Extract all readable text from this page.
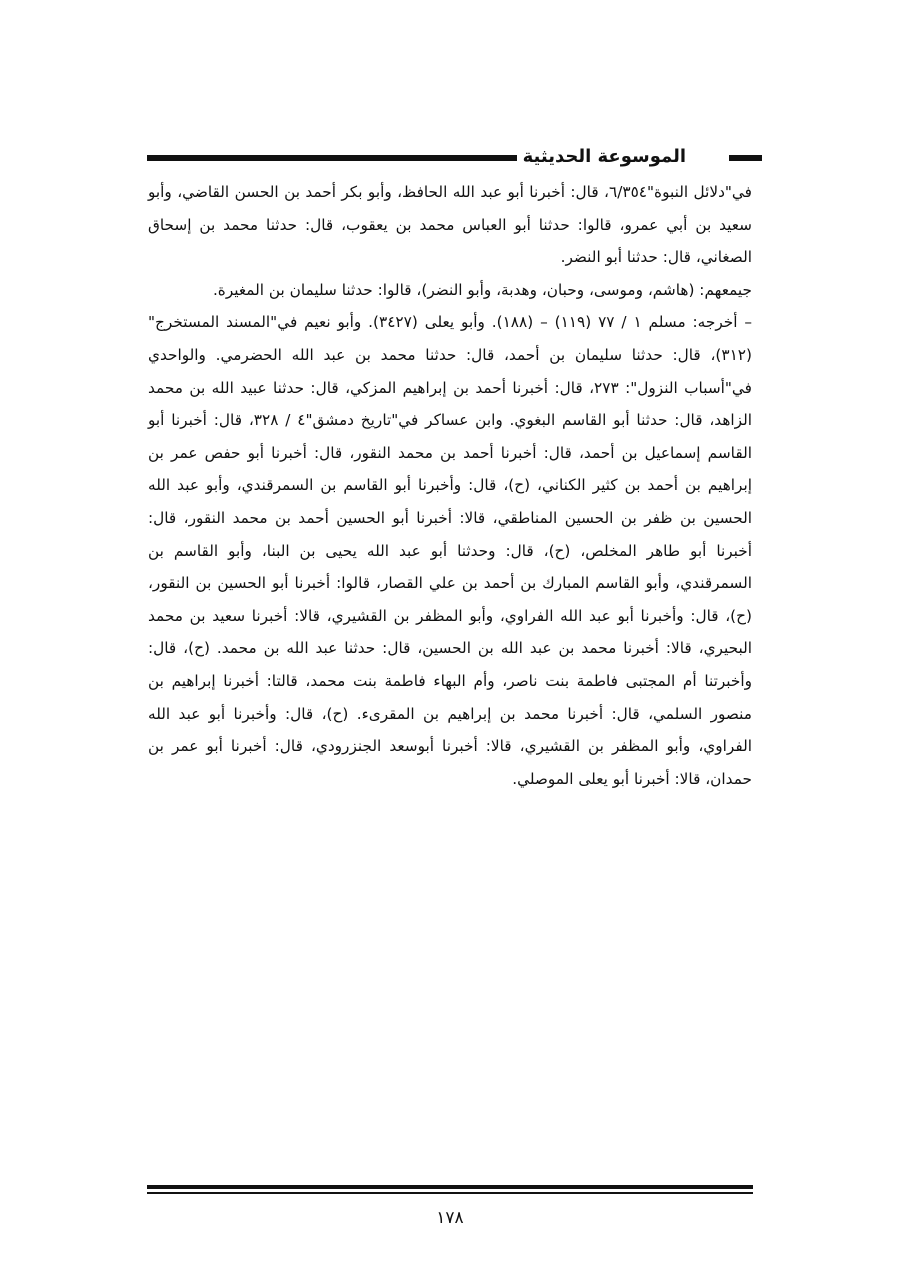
الموسوعة الحديثية

في"دلائل النبوة"٦/٣٥٤، قال: أخبرنا أبو عبد الله الحافظ، وأبو بكر أحمد بن الحسن القاضي، وأبو سعيد بن أبي عمرو، قالوا: حدثنا أبو العباس محمد بن يعقوب، قال: حدثنا محمد بن إسحاق الصغاني، قال: حدثنا أبو النضر.

جيمعهم: (هاشم، وموسى، وحبان، وهدبة، وأبو النضر)، قالوا: حدثنا سليمان بن المغيرة.

– أخرجه: مسلم ١ / ٧٧ (١١٩) – (١٨٨). وأبو يعلى (٣٤٢٧). وأبو نعيم في"المسند المستخرج"(٣١٢)، قال: حدثنا سليمان بن أحمد، قال: حدثنا محمد بن عبد الله الحضرمي. والواحدي في"أسباب النزول": ٢٧٣، قال: أخبرنا أحمد بن إبراهيم المزكي، قال: حدثنا عبيد الله بن محمد الزاهد، قال: حدثنا أبو القاسم البغوي. وابن عساكر في"تاريخ دمشق"٤ / ٣٢٨، قال: أخبرنا أبو القاسم إسماعيل بن أحمد، قال: أخبرنا أحمد بن محمد النقور، قال: أخبرنا أبو حفص عمر بن إبراهيم بن أحمد بن كثير الكناني، (ح)، قال: وأخبرنا أبو القاسم بن السمرقندي، وأبو عبد الله الحسين بن ظفر بن الحسين المناطقي، قالا: أخبرنا أبو الحسين أحمد بن محمد النقور، قال: أخبرنا أبو طاهر المخلص، (ح)، قال: وحدثنا أبو عبد الله يحيى بن البنا، وأبو القاسم بن السمرقندي، وأبو القاسم المبارك بن أحمد بن علي القصار، قالوا: أخبرنا أبو الحسين بن النقور، (ح)، قال: وأخبرنا أبو عبد الله الفراوي، وأبو المظفر بن القشيري، قالا: أخبرنا سعيد بن محمد البحيري، قالا: أخبرنا محمد بن عبد الله بن الحسين، قال: حدثنا عبد الله بن محمد. (ح)، قال: وأخبرتنا أم المجتبى فاطمة بنت ناصر، وأم البهاء فاطمة بنت محمد، قالتا: أخبرنا إبراهيم بن منصور السلمي، قال: أخبرنا محمد بن إبراهيم بن المقرىء. (ح)، قال: وأخبرنا أبو عبد الله الفراوي، وأبو المظفر بن القشيري، قالا: أخبرنا أبوسعد الجنزرودي، قال: أخبرنا أبو عمر بن حمدان، قالا: أخبرنا أبو يعلى الموصلي.

١٧٨
